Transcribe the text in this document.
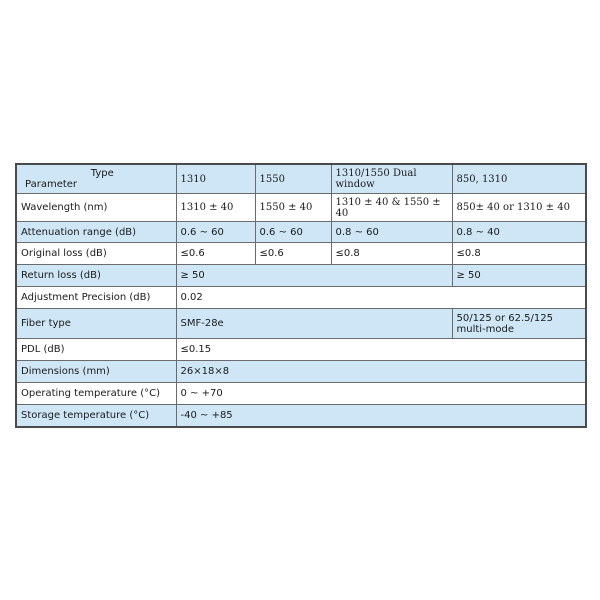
Type
Parameter	1310	1550	1310/1550 Dual window	850, 1310
Wavelength (nm)	1310 ± 40	1550 ± 40	1310 ± 40 & 1550 ± 40	850± 40 or 1310 ± 40
Attenuation range (dB)	0.6 ~ 60	0.6 ~ 60	0.8 ~ 60	0.8 ~ 40
Original loss (dB)	≤0.6	≤0.6	≤0.8	≤0.8
Return loss (dB)	≥ 50			≥ 50
Adjustment Precision (dB)	0.02			
Fiber type	SMF-28e			50/125 or 62.5/125 multi-mode
PDL (dB)	≤0.15			
Dimensions (mm)	26×18×8			
Operating temperature (°C)	0 ~ +70			
Storage temperature (°C)	-40 ~ +85			
